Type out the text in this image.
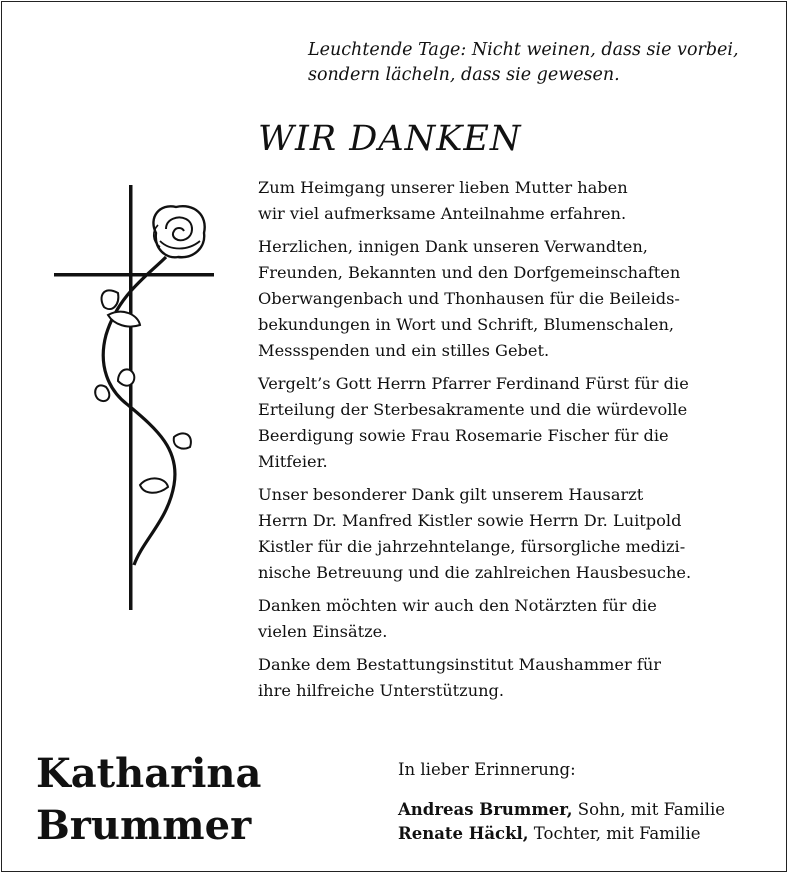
Leuchtende Tage: Nicht weinen, dass sie vorbei,
sondern lächeln, dass sie gewesen.
WIR DANKEN

Zum Heimgang unserer lieben Mutter haben
wir viel aufmerksame Anteilnahme erfahren.

Herzlichen, innigen Dank unseren Verwandten,
Freunden, Bekannten und den Dorfgemeinschaften
Oberwangenbach und Thonhausen für die Beileids-
bekundungen in Wort und Schrift, Blumenschalen,
Messspenden und ein stilles Gebet.

Vergelt’s Gott Herrn Pfarrer Ferdinand Fürst für die
Erteilung der Sterbesakramente und die würdevolle
Beerdigung sowie Frau Rosemarie Fischer für die
Mitfeier.

Unser besonderer Dank gilt unserem Hausarzt
Herrn Dr. Manfred Kistler sowie Herrn Dr. Luitpold
Kistler für die jahrzehntelange, fürsorgliche medizi-
nische Betreuung und die zahlreichen Hausbesuche.

Danken möchten wir auch den Notärzten für die
vielen Einsätze.

Danke dem Bestattungsinstitut Maushammer für
ihre hilfreiche Unterstützung.

Katharina
Brummer
In lieber Erinnerung:
Andreas Brummer, Sohn, mit Familie
Renate Häckl, Tochter, mit Familie
